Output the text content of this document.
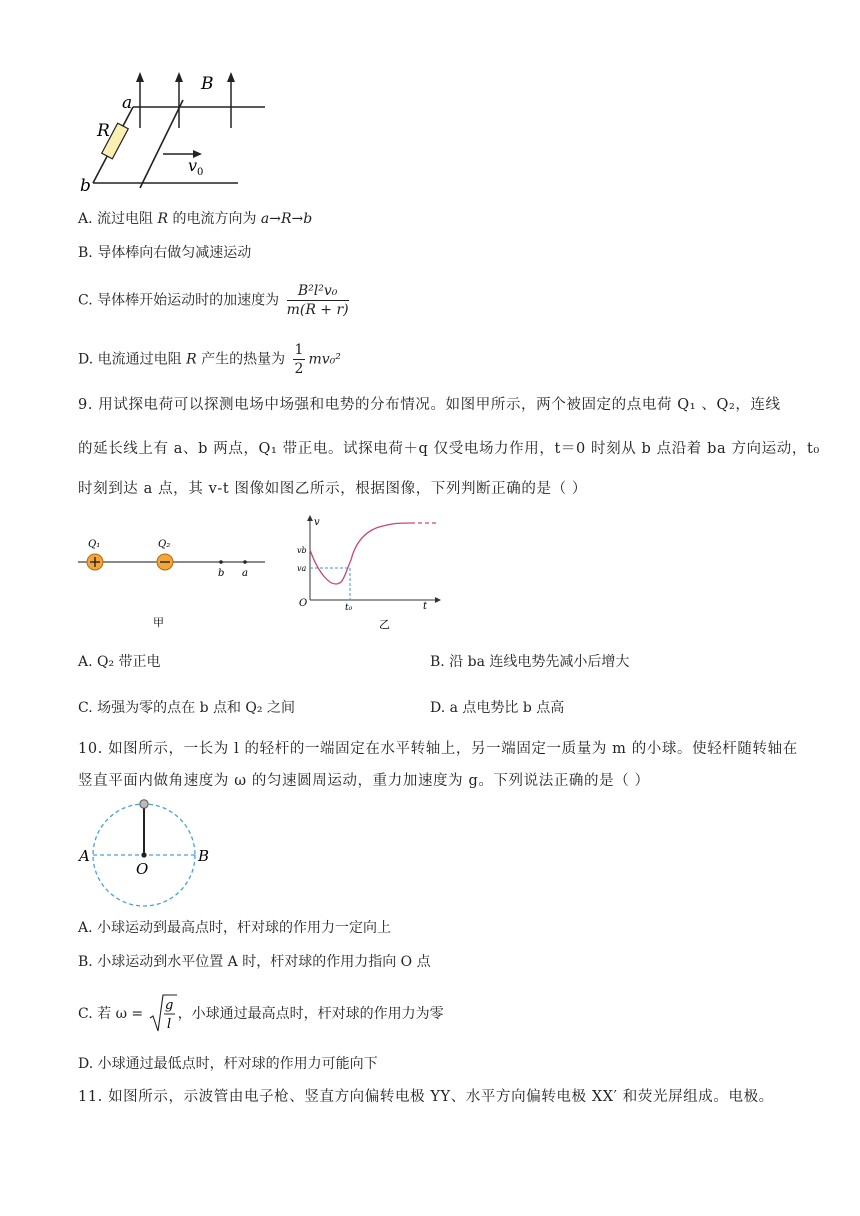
a
R
B
b
v 0
A. 流过电阻 R 的电流方向为 a→R→b
B. 导体棒向右做匀减速运动
C. 导体棒开始运动时的加速度为 $\frac{\text{B²l²v₀}}{m(R + r)}$
D. 电流通过电阻 R 产生的热量为 $\frac{1}{2} mv_0^2$
9. 用试探电荷可以探测电场中场强和电势的分布情况。如图甲所示，两个被固定的点电荷 Q₁ 、Q₂，连线
的延长线上有 a、b 两点，Q₁ 带正电。试探电荷＋q 仅受电场力作用，t＝0 时刻从 b 点沿着 ba 方向运动，t₀
时刻到达 a 点，其 v-t 图像如图乙所示，根据图像，下列判断正确的是（ ）
Q₁	Q₂
b a
甲
v
vb
va
O	t₀	t
乙
A. Q₂ 带正电	B. 沿 ba 连线电势先减小后增大
C. 场强为零的点在 b 点和 Q₂ 之间	D. a 点电势比 b 点高
10. 如图所示，一长为 l 的轻杆的一端固定在水平转轴上，另一端固定一质量为 m 的小球。使轻杆随转轴在
竖直平面内做角速度为 ω 的匀速圆周运动，重力加速度为 g。下列说法正确的是（ ）
A	B
O
A. 小球运动到最高点时，杆对球的作用力一定向上
B. 小球运动到水平位置 A 时，杆对球的作用力指向 O 点
C. 若 ω =
g
l
，小球通过最高点时，杆对球的作用力为零
D. 小球通过最低点时，杆对球的作用力可能向下
11. 如图所示，示波管由电子枪、竖直方向偏转电极 YY、水平方向偏转电极 XX′ 和荧光屏组成。电极。
